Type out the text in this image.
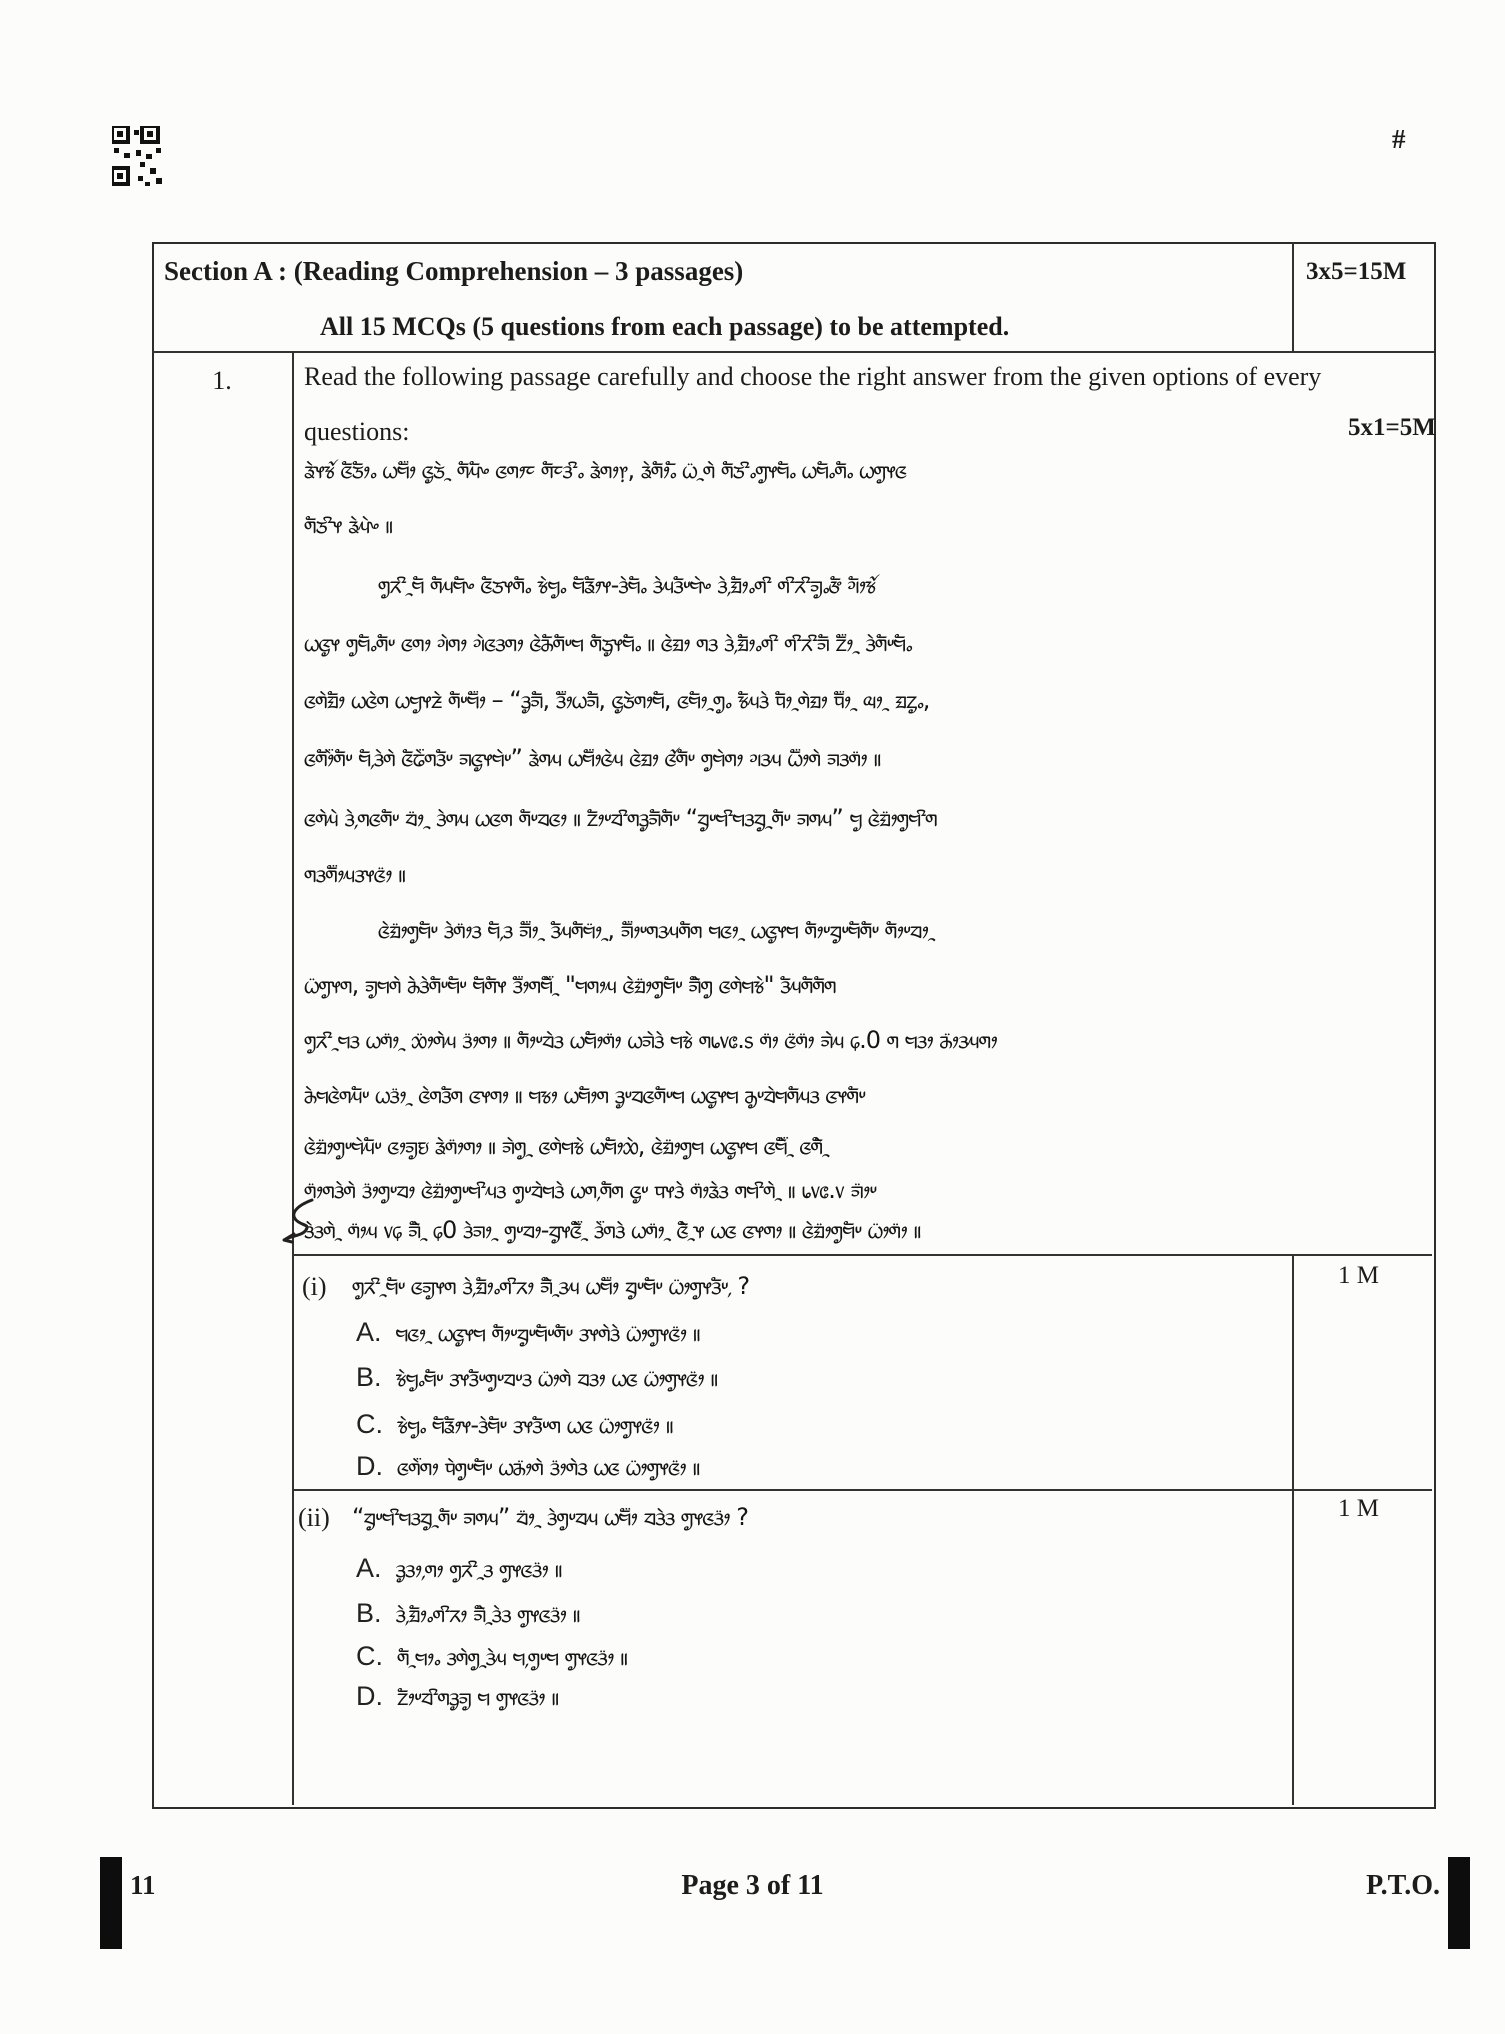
#
Section A : (Reading Comprehension – 3 passages)
All 15 MCQs (5 questions from each passage) to be attempted.
3x5=15M
1.	Read the following passage carefully and choose the right answer from the given options of every
questions:	5x1=5M
ᤕᤧᤶᤃᤨ ᤜᤠᤍᤥᤱ ᤐᤗᤥ᤺ ᤜᤢᤍᤧᤳ ᤛᤠᤘᤠᤴ ᤜᤛᤣᤰ ᤛᤠᤰᤋᤡᤱ ᤕᤧᤛᤣ᥅, ᤕᤧᤛᤥᤱᤠ ᤐ᤺ᤳᤛᤧ ᤛᤠᤍᤡᤱᤛᤢᤶᤗᤠᤱ ᤐᤗᤠᤱᤛᤠᤱ ᤐᤛᤢᤶᤜ
ᤛᤠᤍᤡᤶ ᤕᤧᤘᤧᤴ ॥
ᤛᤢᤖᤡᤳᤗᤠ ᤛᤠᤘᤗᤠᤴ ᤜᤠᤍᤶᤛᤠᤱ ᤃᤧᤗᤢᤱ ᤗᤠᤕᤥᤶ-ᤋᤧᤗᤠᤱ ᤋᤧᤘᤋᤠᤸᤗᤧᤴ ᤋᤧ᤹ᤀᤥᤱᤛᤡ ᤛᤡᤖᤡᤈᤢᤱᤅᤠ ᤆᤥᤃᤨ
ᤐᤜᤢᤶ ᤛᤢᤗᤠᤱᤛᤠᤸ ᤜᤛᤣ ᤆᤧᤛᤣ ᤆᤧᤜᤋᤛᤣ ᤜᤧᤌᤠᤛᤠᤸᤗ ᤛᤠᤍᤢᤶᤗᤠᤱ ॥ ᤜᤧᤀᤣ ᤛᤋ ᤋᤧ᤹ᤀᤥᤱᤛᤡ ᤛᤡᤖᤡᤈᤠ ᤁᤥ᤺ᤳ ᤋᤧᤛᤠᤸᤗᤠᤱ
ᤜᤛᤧᤀᤥ ᤐᤜᤧᤛ ᤐᤗᤢᤶᤏᤧ ᤛᤠᤸᤗᤥ᤺ – “ᤋᤢᤈᤠ, ᤋᤥ᤺ᤐᤈᤠ, ᤜᤢᤍᤧᤛᤣᤗᤠ, ᤜᤗᤥᤳᤛᤢᤱ ᤃᤠᤘᤋᤧ ᤄᤥᤳᤛᤧᤀᤣ ᤄᤥ᤺ᤳ ᤓᤣᤳ ᤀᤁᤢᤱ,
ᤜᤛᤥᤧ᤺ᤛᤠᤸ ᤗᤠ᤹ᤋᤧᤛᤧ ᤜᤠᤒᤧ᤺ᤛᤋᤠᤸ ᤈᤜᤢᤶᤗᤧᤸ” ᤕᤧᤛᤘ ᤐᤗᤥ᤺ᤜᤧᤘ ᤜᤧᤀᤣ ᤜᤨᤛᤠᤸ ᤛᤢᤗᤧᤛᤣ ᤆᤋᤘ ᤐᤥ᤺ᤛᤧ ᤈᤋᤛᤣ᤺ ॥
ᤜᤛᤧᤘᤧ ᤋᤧ᤹ᤛᤜᤛᤠᤸ ᤔᤣ᤺ᤳ ᤋᤧᤛᤘ ᤐᤜᤛ ᤛᤠᤸᤔᤜᤣ ॥ ᤁᤥᤸᤔᤡᤛᤋᤢᤈᤠᤛᤠᤸ “ᤔᤢᤸᤗᤡᤗᤋᤔᤢᤳᤛᤠᤸ ᤈᤛᤘ” ᤗᤢ ᤜᤧᤀᤣ᤺ᤛᤢᤗᤡᤛ
ᤛᤋᤛᤥ᤺ᤘᤋᤶᤜᤣ᤺ ॥
ᤜᤧᤀᤣ᤺ᤛᤢᤗᤠᤸ ᤋᤧᤛᤣ᤺ᤋ ᤗᤠ᤹ᤋ ᤈᤠ᤺ᤣᤳ ᤋᤠᤘᤛᤠᤗᤣ᤺ᤳ, ᤈᤥ᤺ᤸᤛᤋᤘᤛᤠᤛ ᤗᤜᤣᤳ ᤐᤜᤢᤶᤗ ᤛᤥᤸᤔᤢᤸᤗᤠᤛᤠᤸ ᤛᤥᤸᤔᤣᤳ
ᤐ᤺ᤛᤢᤶᤛ, ᤈᤢᤗᤛᤧ ᤌᤧᤋᤧᤛᤠᤸᤗᤠᤸ ᤗᤠᤛᤠᤶ ᤋᤥ᤺ᤛᤗᤠᤧ᤺ᤳ "ᤗᤛᤣᤘ ᤜᤧᤀᤣ᤺ᤛᤢᤗᤠᤸ ᤈᤠᤧᤛᤢ ᤜᤛᤧᤗᤃᤧ" ᤋᤠᤘᤛᤠᤛᤠᤛ
ᤛᤢᤖᤡᤳᤗᤋ ᤐᤛᤣ᤺ᤳ ᤑᤣ᤺ᤛᤧᤘ ᤋᤣ᤺ᤛᤣ ॥ ᤛᤥᤸᤔᤧᤋ ᤐᤗᤥᤛᤣ᤺ ᤐᤈᤧᤋᤧ ᤗᤃᤧ ᤛ᥇᥎᥋.᥉ ᤛᤣ᤺ ᤜ᤺ᤛᤣ᤺ ᤈᤧᤘ ᥌.0 ᤛ ᤗᤋᤣ ᤌᤣ᤺ᤋᤘᤛᤣ
ᤌᤧᤗᤜᤧᤛᤘᤠᤸ ᤐᤋᤣ᤺ᤳ ᤜᤧᤛᤋᤠᤛ ᤜᤶᤛᤣ ॥ ᤗᤃᤣ ᤐᤗᤥᤛ ᤋᤢᤸᤔᤜᤛᤠᤸᤗ ᤐᤜᤢᤶᤗ ᤌᤢᤸᤔᤧᤗᤛᤠᤘᤋ ᤜᤶᤛᤠᤸ
ᤜᤧᤀᤣ᤺ᤛᤢᤸᤗᤧᤘᤠᤸ ᤜᤣᤈᤢᤎ ᤕᤧᤛᤣ᤺ᤛᤣ ॥ ᤈᤧᤛᤢᤳ ᤜᤛᤧᤗᤃᤧ ᤐᤗᤥᤑᤧ, ᤜᤧᤀᤣ᤺ᤛᤢᤗ ᤐᤜᤢᤶᤗ ᤜᤗᤠᤧ᤺ᤳ ᤜᤛᤠᤧᤳ
ᤛᤣ᤺ᤛᤋᤧᤛᤧ ᤋᤣ᤺ᤛᤢᤸᤔᤣ ᤜᤧᤀᤣ᤺ᤛᤢᤸᤗᤡᤘᤋ ᤛᤢᤸᤔᤧᤗᤋᤧ ᤐᤛ᤹ᤛᤠᤛ ᤜᤢᤸ ᤄᤶᤋᤧ ᤛᤣ᤺ᤕᤧᤋ ᤛᤗᤡᤛᤧᤳ ॥ ᥇᥎᥋.᥎ ᤈᤣ᤺ᤸ
ᤋᤧᤋᤛᤧᤳ ᤛᤣ᤺ᤘ ᥎᥌ ᤈᤠᤧᤳ ᥌0 ᤋᤧᤈᤣᤳ ᤛᤢᤸᤔᤣ-ᤔᤢᤶᤜᤠᤧ᤺ᤳ ᤋᤧ᤺ᤛᤋᤧ ᤐᤛᤣ᤺ᤳ ᤜᤠᤧᤳᤶ ᤐᤜ ᤜᤶᤛᤣ ॥ ᤜᤧᤀᤣ᤺ᤛᤢᤗᤠᤸ ᤐᤣ᤺ᤛᤣ᤺ ॥
(i) ᤛᤢᤖᤡᤳᤗᤠᤸ ᤜᤈᤢᤶᤛ ᤋᤧ᤹ᤀᤥᤱᤛᤡᤖᤣ ᤈᤠᤧᤳᤋᤘ ᤐᤗᤥ᤺ ᤔᤢᤸᤗᤠᤸ ᤐᤣ᤺ᤛᤢᤶᤋᤠᤸ᤹ ?	1 M
A. ᤗᤜᤣᤳ ᤐᤜᤢᤶᤗ ᤛᤥᤸᤔᤢᤸᤗᤠᤸᤛᤠᤸ ᤋᤶᤛᤧᤋᤧ ᤐᤣ᤺ᤛᤢᤶᤜᤣ᤺ ॥
B. ᤃᤧᤗᤢᤱᤗᤠᤸ ᤋᤶᤋᤠᤸᤛᤢᤸᤔᤸᤋ ᤐᤣ᤺ᤛᤧ ᤔᤋᤣ ᤐᤜ ᤐᤣ᤺ᤛᤢᤶᤜᤣ᤺ ॥
C. ᤃᤧᤗᤢᤱ ᤗᤠᤕᤥᤶ-ᤋᤧᤗᤠᤸ ᤋᤶᤋᤠᤸᤛ ᤐᤜ ᤐᤣ᤺ᤛᤢᤶᤜᤣ᤺ ॥
D. ᤜᤛᤧ᤺ᤛᤣ ᤄᤧᤛᤢᤸᤗᤠᤸ ᤐᤌᤣ᤺ᤛᤧ ᤋᤣ᤺ᤛᤧᤋ ᤐᤜ ᤐᤣ᤺ᤛᤢᤶᤜᤣ᤺ ॥
(ii) “ᤔᤢᤸᤗᤡᤗᤋᤔᤢᤳᤛᤠᤸ ᤈᤛᤘ” ᤔᤣ᤺ᤳ ᤋᤧᤛᤢᤸᤔᤘ ᤐᤗᤥ᤺ ᤔᤋᤧᤋ ᤛᤢᤶᤜᤋᤣ᤺ ?	1 M
A. ᤋᤢᤋᤣ᤹ᤛᤣ ᤛᤢᤖᤡᤳᤋ ᤛᤢᤶᤜᤋᤣ᤺ ॥
B. ᤋᤧ᤹ᤀᤥᤱᤛᤡᤖᤣ ᤈᤠᤧᤳᤋᤧᤋ ᤛᤢᤶᤜᤋᤣ᤺ ॥
C. ᤛᤠᤳᤗᤣᤱ ᤋᤛᤧᤛᤢᤳᤋᤧᤘ ᤗ᤹ᤛᤢᤸᤗ ᤛᤢᤶᤜᤋᤣ᤺ ॥
D. ᤁᤥᤸᤔᤡᤛᤋᤢᤈᤢ ᤗ ᤛᤢᤶᤜᤋᤣ᤺ ॥
11	Page 3 of 11	P.T.O.
